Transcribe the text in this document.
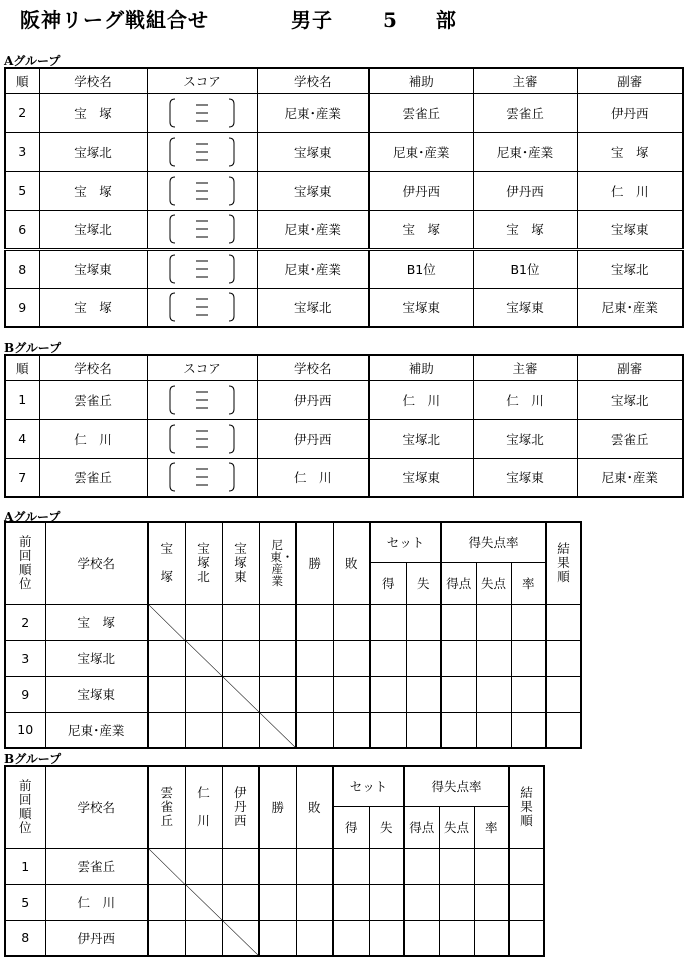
阪神リーグ戦組合せ	男子 5 部
Aグループ
順	学校名	スコア	学校名	補助	主審	副審
2	宝　塚		尼東･産業	雲雀丘	雲雀丘	伊丹西
3	宝塚北		宝塚東	尼東･産業	尼東･産業	宝　塚
5	宝　塚		宝塚東	伊丹西	伊丹西	仁　川
6	宝塚北		尼東･産業	宝　塚	宝　塚	宝塚東
8	宝塚東		尼東･産業	B1位	B1位	宝塚北
9	宝　塚		宝塚北	宝塚東	宝塚東	尼東･産業
Bグループ
順	学校名	スコア	学校名	補助	主審	副審
1	雲雀丘		伊丹西	仁　川	仁　川	宝塚北
4	仁　川		伊丹西	宝塚北	宝塚北	雲雀丘
7	雲雀丘		仁　川	宝塚東	宝塚東	尼東･産業
Aグループ
前回順位	学校名	宝塚	宝塚北	宝塚東	尼東・産業	勝	敗	セット		得失点率			結果順
								得	失	得点	失点	率	
2	宝　塚	

3	宝塚北		

9	宝塚東			

10	尼東･産業				

Bグループ
前回順位	学校名	雲雀丘	仁川	伊丹西	勝	敗	セット		得失点率			結果順
							得	失	得点	失点	率	
1	雲雀丘	

5	仁　川		

8	伊丹西			
